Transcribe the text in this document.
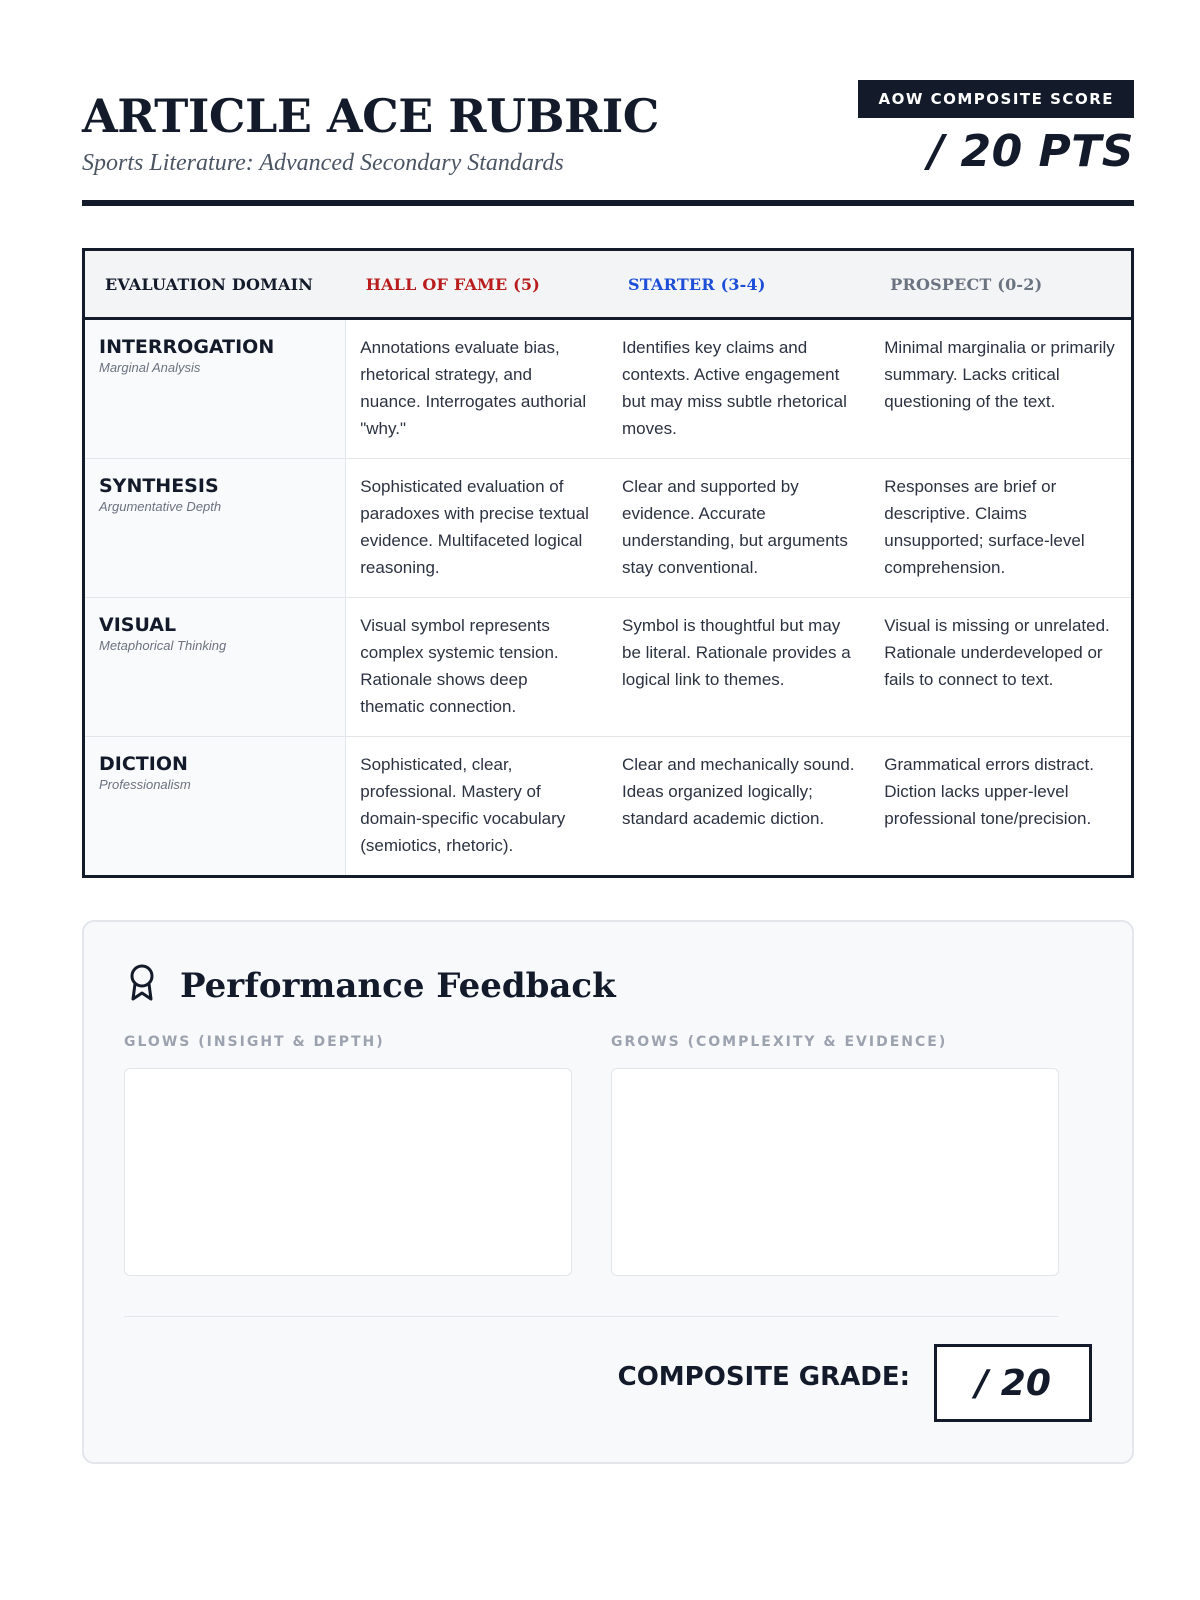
ARTICLE ACE RUBRIC
Sports Literature: Advanced Secondary Standards
AOW COMPOSITE SCORE
/ 20 PTS
EVALUATION DOMAIN	HALL OF FAME (5)	STARTER (3-4)	PROSPECT (0-2)

INTERROGATION
Marginal Analysis	Annotations evaluate bias, rhetorical strategy, and nuance. Interrogates authorial "why."	Identifies key claims and contexts. Active engagement but may miss subtle rhetorical moves.	Minimal marginalia or primarily summary. Lacks critical questioning of the text.

SYNTHESIS
Argumentative Depth	Sophisticated evaluation of paradoxes with precise textual evidence. Multifaceted logical reasoning.	Clear and supported by evidence. Accurate understanding, but arguments stay conventional.	Responses are brief or descriptive. Claims unsupported; surface-level comprehension.

VISUAL
Metaphorical Thinking	Visual symbol represents complex systemic tension. Rationale shows deep thematic connection.	Symbol is thoughtful but may be literal. Rationale provides a logical link to themes.	Visual is missing or unrelated. Rationale underdeveloped or fails to connect to text.

DICTION
Professionalism	Sophisticated, clear, professional. Mastery of domain-specific vocabulary (semiotics, rhetoric).	Clear and mechanically sound. Ideas organized logically; standard academic diction.	Grammatical errors distract. Diction lacks upper-level professional tone/precision.
Performance Feedback
GLOWS (INSIGHT & DEPTH)	GROWS (COMPLEXITY & EVIDENCE)
COMPOSITE GRADE:	/ 20
